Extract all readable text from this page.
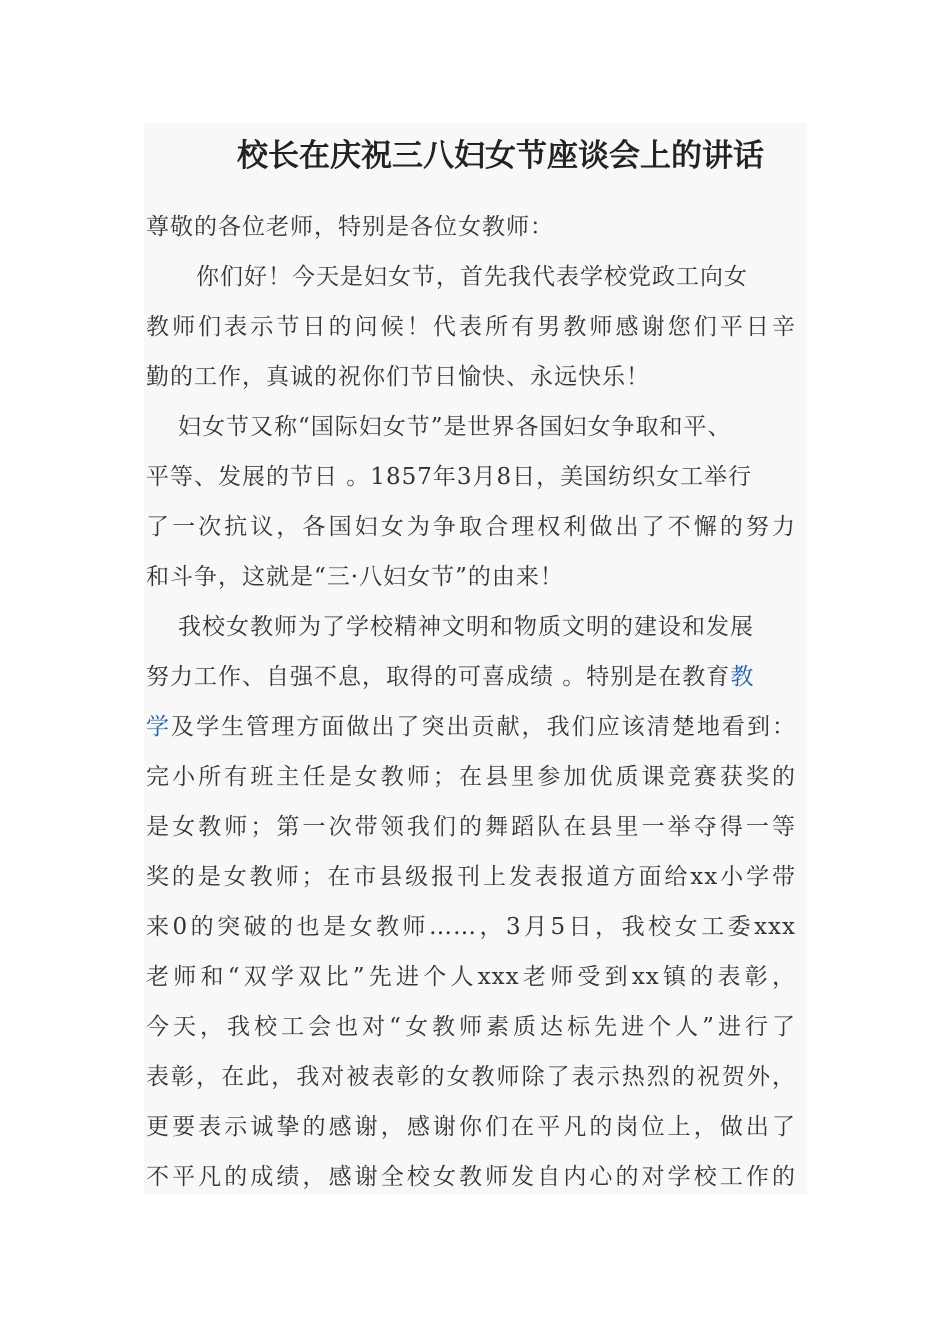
校长在庆祝三八妇女节座谈会上的讲话

尊敬的各位老师，特别是各位女教师：

你们好！今天是妇女节，首先我代表学校党政工向女

教师们表示节日的问候！代表所有男教师感谢您们平日辛

勤的工作，真诚的祝你们节日愉快、永远快乐！

妇女节又称“国际妇女节”是世界各国妇女争取和平、

平等、发展的节日 。1857年3月8日，美国纺织女工举行

了一次抗议，各国妇女为争取合理权利做出了不懈的努力

和斗争，这就是“三·八妇女节”的由来！

我校女教师为了学校精神文明和物质文明的建设和发展

努力工作、自强不息，取得的可喜成绩 。特别是在教育教

学及学生管理方面做出了突出贡献，我们应该清楚地看到：

完小所有班主任是女教师；在县里参加优质课竞赛获奖的

是女教师；第一次带领我们的舞蹈队在县里一举夺得一等

奖的是女教师；在市县级报刊上发表报道方面给xx小学带

来0的突破的也是女教师……，3月5日，我校女工委xxx

老师和“双学双比”先进个人xxx老师受到xx镇的表彰，

今天，我校工会也对“女教师素质达标先进个人”进行了

表彰，在此，我对被表彰的女教师除了表示热烈的祝贺外，

更要表示诚挚的感谢，感谢你们在平凡的岗位上，做出了

不平凡的成绩，感谢全校女教师发自内心的对学校工作的
